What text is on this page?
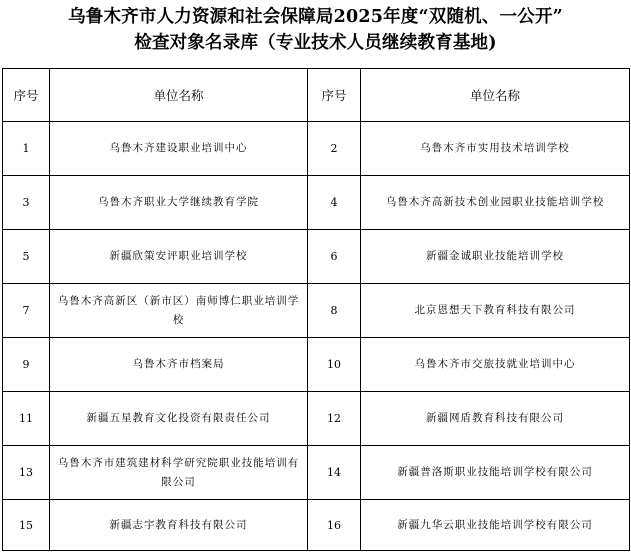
乌鲁木齐市人力资源和社会保障局2025年度“双随机、一公开”
检查对象名录库（专业技术人员继续教育基地)
序号	单位名称	序号	单位名称
1	乌鲁木齐建设职业培训中心	2	乌鲁木齐市实用技术培训学校
3	乌鲁木齐职业大学继续教育学院	4	乌鲁木齐高新技术创业园职业技能培训学校
5	新疆欣策安评职业培训学校	6	新疆金诚职业技能培训学校
7	乌鲁木齐高新区（新市区）南师博仁职业培训学校	8	北京恩想天下教育科技有限公司
9	乌鲁木齐市档案局	10	乌鲁木齐市交旅技就业培训中心
11	新疆五星教育文化投资有限责任公司	12	新疆网盾教育科技有限公司
13	乌鲁木齐市建筑建材科学研究院职业技能培训有限公司	14	新疆普洛斯职业技能培训学校有限公司
15	新疆志宇教育科技有限公司	16	新疆九华云职业技能培训学校有限公司
